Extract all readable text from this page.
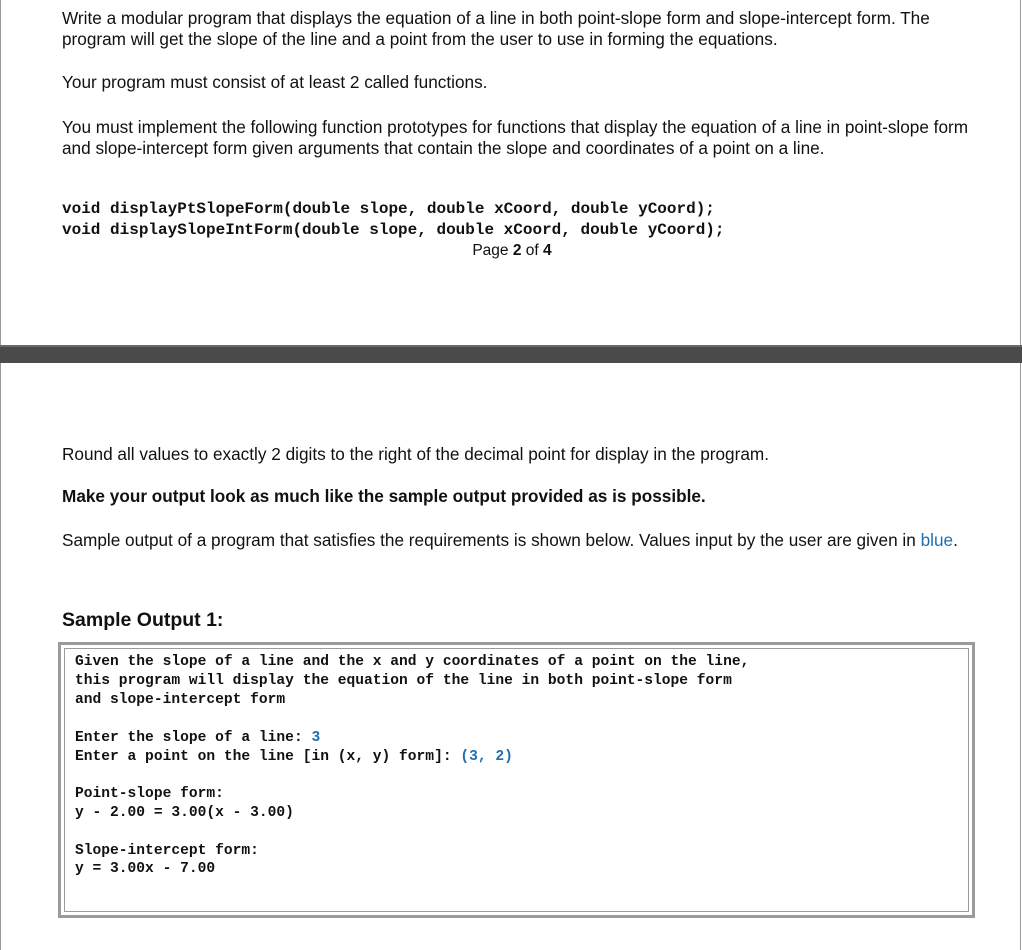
Write a modular program that displays the equation of a line in both point-slope form and slope-intercept form. The program will get the slope of the line and a point from the user to use in forming the equations.

Your program must consist of at least 2 called functions.

You must implement the following function prototypes for functions that display the equation of a line in point-slope form and slope-intercept form given arguments that contain the slope and coordinates of a point on a line.

void displayPtSlopeForm(double slope, double xCoord, double yCoord);
void displaySlopeIntForm(double slope, double xCoord, double yCoord);
Page 2 of 4

Round all values to exactly 2 digits to the right of the decimal point for display in the program.

Make your output look as much like the sample output provided as is possible.

Sample output of a program that satisfies the requirements is shown below. Values input by the user are given in blue.

Sample Output 1:
Given the slope of a line and the x and y coordinates of a point on the line,
this program will display the equation of the line in both point-slope form
and slope-intercept form
Enter the slope of a line: 3
Enter a point on the line [in (x, y) form]: (3, 2)
Point-slope form:
y - 2.00 = 3.00(x - 3.00)
Slope-intercept form:
y = 3.00x - 7.00
